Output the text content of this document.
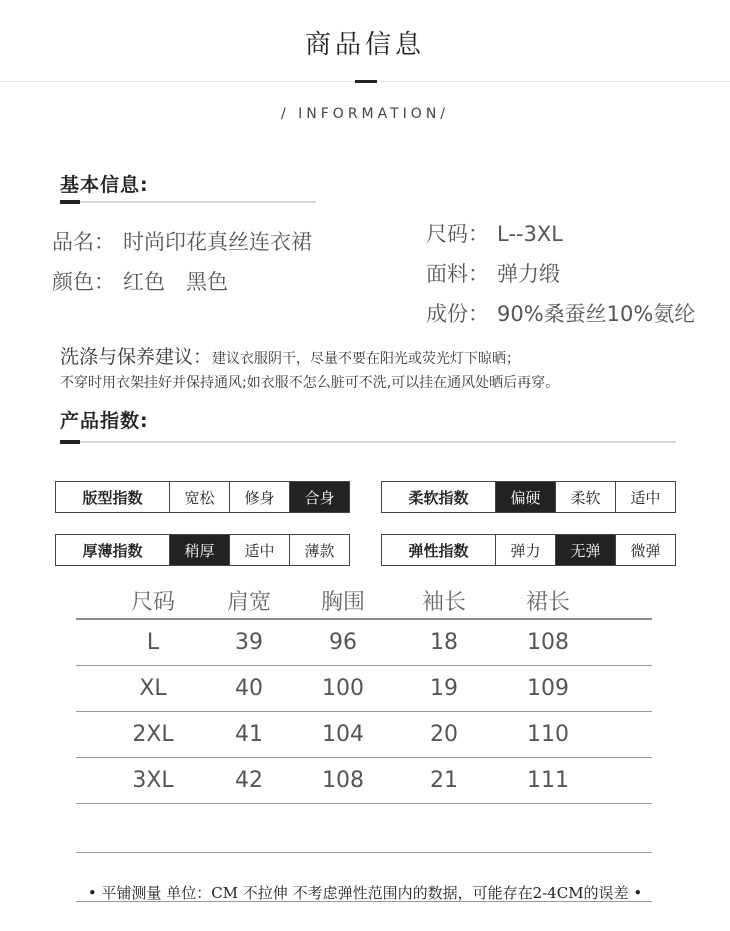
商品信息
/ INFORMATION/
基本信息:
品名： 时尚印花真丝连衣裙
颜色： 红色　黑色
尺码： L--3XL
面料： 弹力缎
成份： 90%桑蚕丝10%氨纶
洗涤与保养建议：建议衣服阴干，尽量不要在阳光或荧光灯下晾晒；
不穿时用衣架挂好并保持通风;如衣服不怎么脏可不洗,可以挂在通风处晒后再穿。
产品指数:
版型指数	宽松	修身	合身	柔软指数	偏硬	柔软	适中
厚薄指数	稍厚	适中	薄款	弹性指数	弹力	无弹	微弹
尺码	肩宽	胸围	袖长	裙长
L	39	96	18	108
XL	40	100	19	109
2XL	41	104	20	110
3XL	42	108	21	111
• 平铺测量 单位：CM 不拉伸 不考虑弹性范围内的数据，可能存在2-4CM的误差 •
